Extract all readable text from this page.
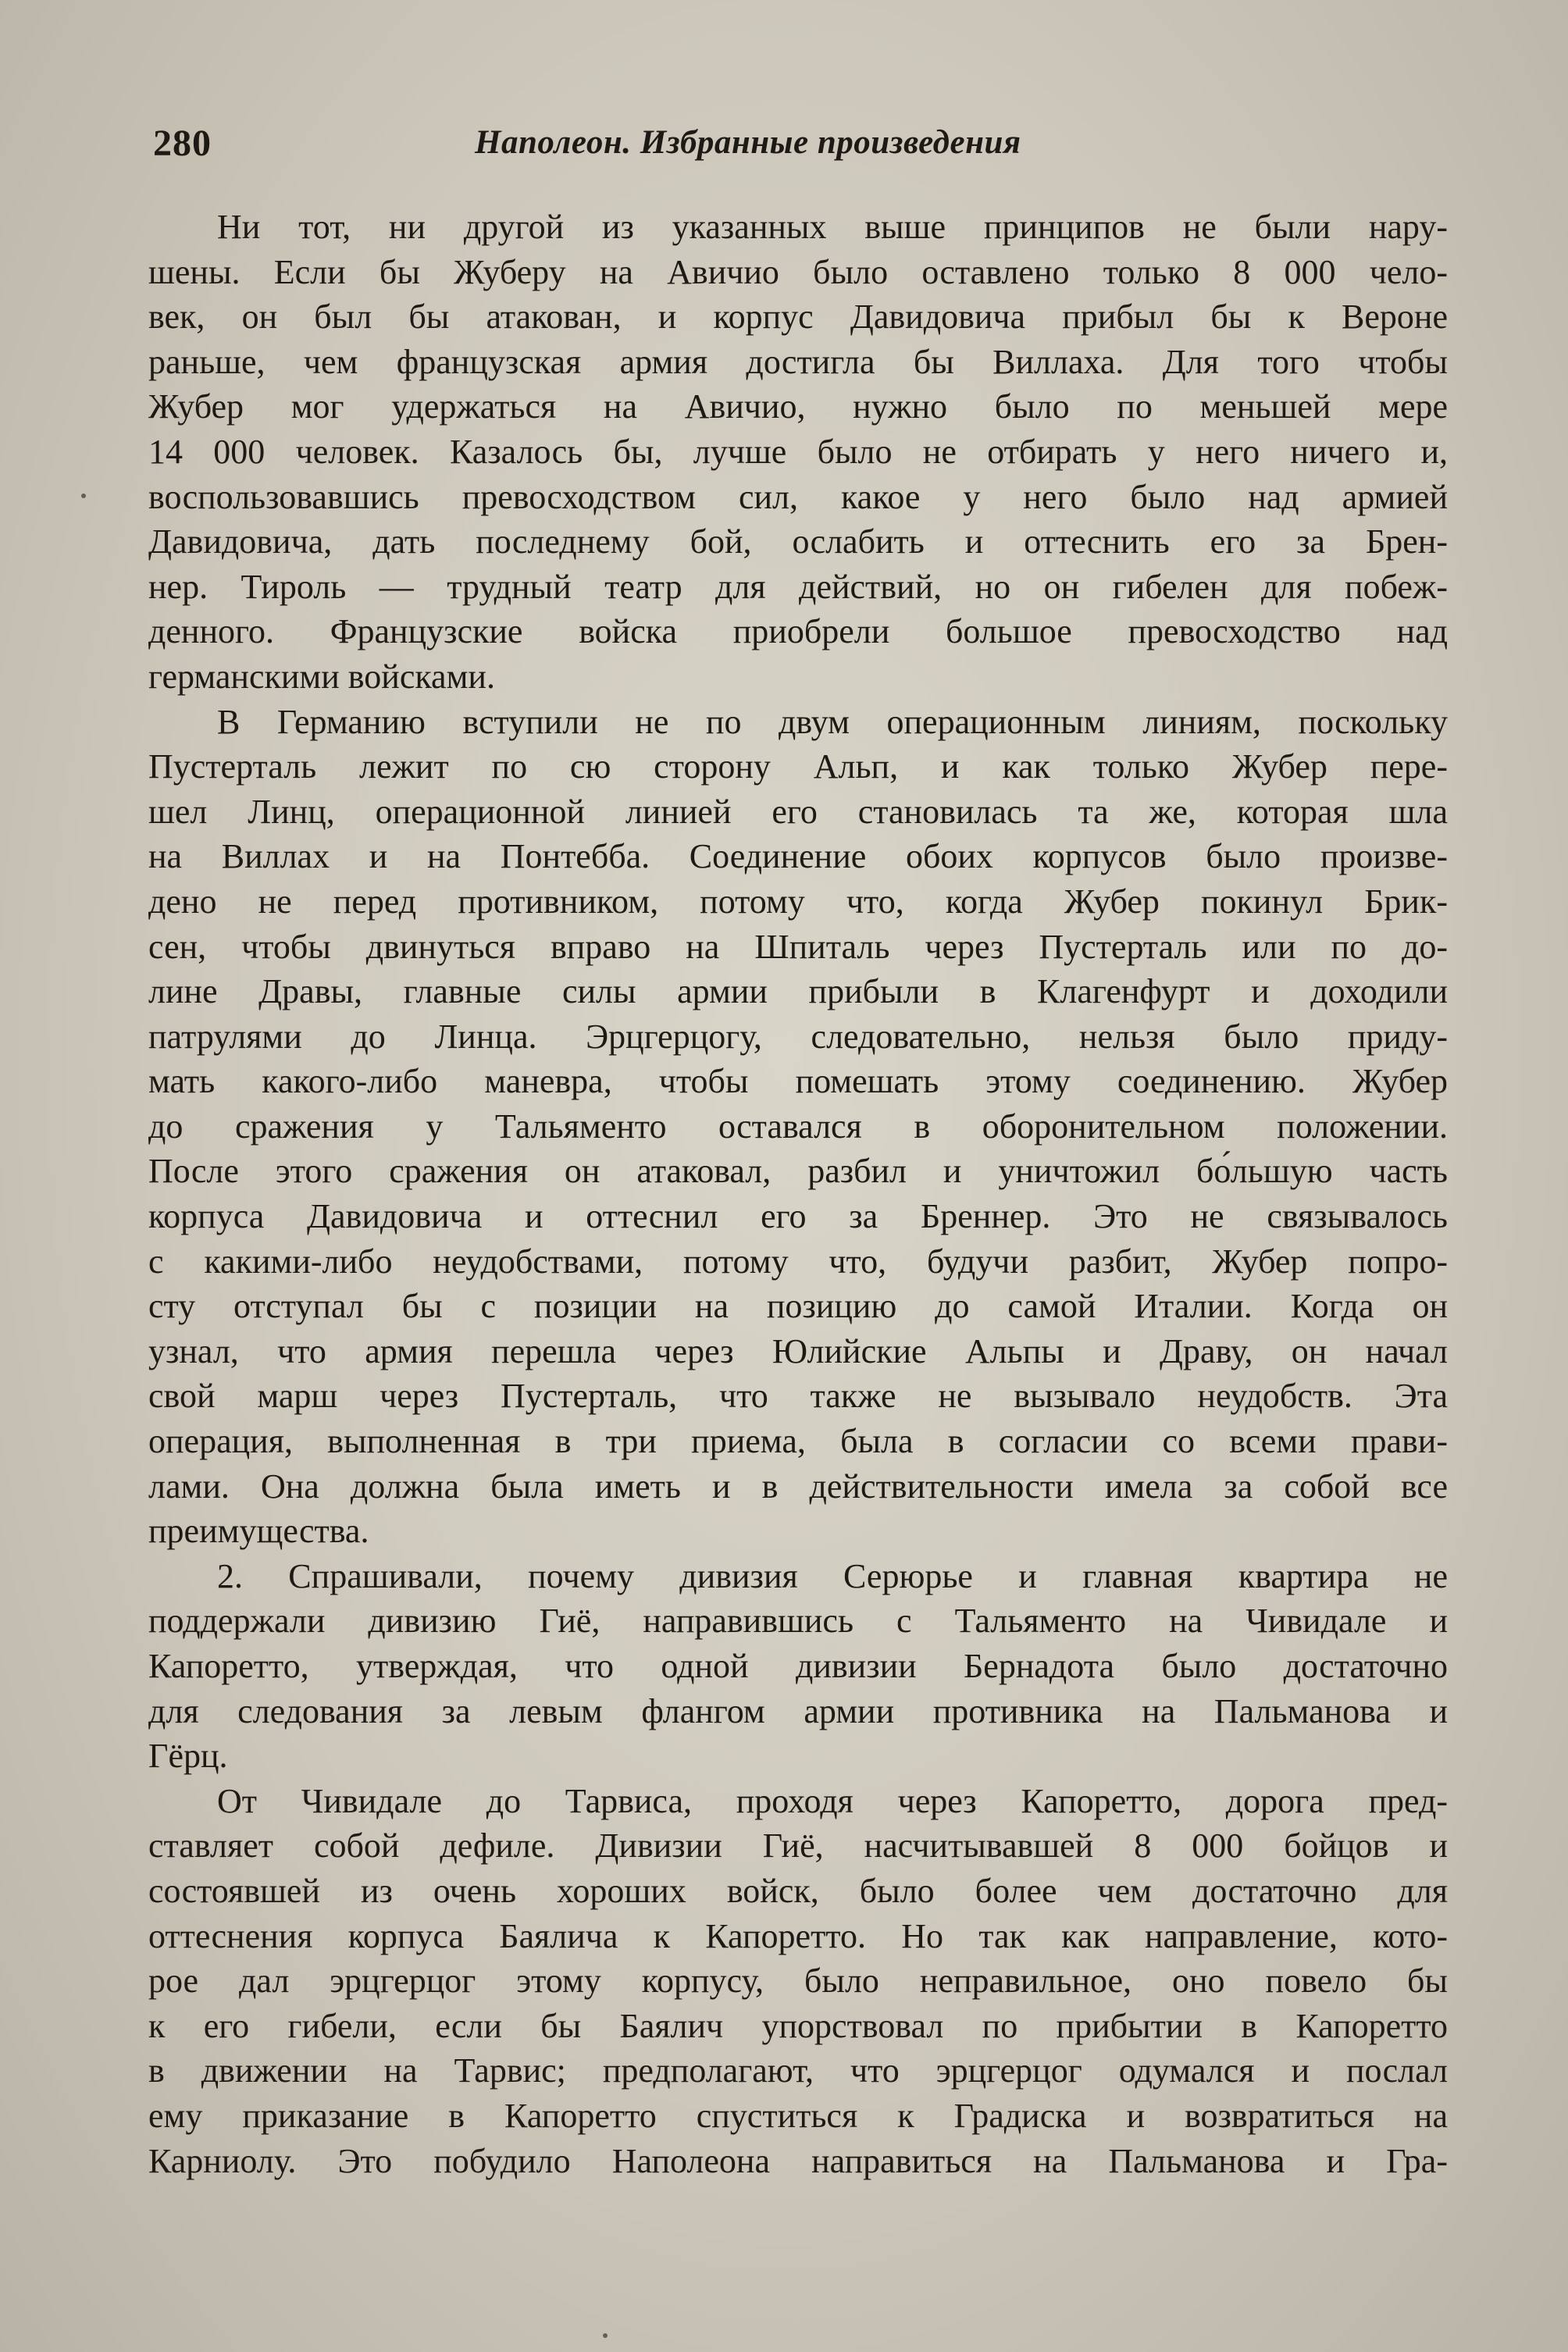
280	Наполеон. Избранные произведения
Ни тот, ни другой из указанных выше принципов не были нару-
шены. Если бы Жуберу на Авичио было оставлено только 8 000 чело-
век, он был бы атакован, и корпус Давидовича прибыл бы к Вероне
раньше, чем французская армия достигла бы Виллаха. Для того чтобы
Жубер мог удержаться на Авичио, нужно было по меньшей мере
14 000 человек. Казалось бы, лучше было не отбирать у него ничего и,
воспользовавшись превосходством сил, какое у него было над армией
Давидовича, дать последнему бой, ослабить и оттеснить его за Брен-
нер. Тироль — трудный театр для действий, но он гибелен для побеж-
денного. Французские войска приобрели большое превосходство над
германскими войсками.
В Германию вступили не по двум операционным линиям, поскольку
Пустерталь лежит по сю сторону Альп, и как только Жубер пере-
шел Линц, операционной линией его становилась та же, которая шла
на Виллах и на Понтебба. Соединение обоих корпусов было произве-
дено не перед противником, потому что, когда Жубер покинул Брик-
сен, чтобы двинуться вправо на Шпиталь через Пустерталь или по до-
лине Дравы, главные силы армии прибыли в Клагенфурт и доходили
патрулями до Линца. Эрцгерцогу, следовательно, нельзя было приду-
мать какого-либо маневра, чтобы помешать этому соединению. Жубер
до сражения у Тальяменто оставался в оборонительном положении.
После этого сражения он атаковал, разбил и уничтожил бо́льшую часть
корпуса Давидовича и оттеснил его за Бреннер. Это не связывалось
с какими-либо неудобствами, потому что, будучи разбит, Жубер попро-
сту отступал бы с позиции на позицию до самой Италии. Когда он
узнал, что армия перешла через Юлийские Альпы и Драву, он начал
свой марш через Пустерталь, что также не вызывало неудобств. Эта
операция, выполненная в три приема, была в согласии со всеми прави-
лами. Она должна была иметь и в действительности имела за собой все
преимущества.
2. Спрашивали, почему дивизия Серюрье и главная квартира не
поддержали дивизию Гиё, направившись с Тальяменто на Чивидале и
Капоретто, утверждая, что одной дивизии Бернадота было достаточно
для следования за левым флангом армии противника на Пальманова и
Гёрц.
От Чивидале до Тарвиса, проходя через Капоретто, дорога пред-
ставляет собой дефиле. Дивизии Гиё, насчитывавшей 8 000 бойцов и
состоявшей из очень хороших войск, было более чем достаточно для
оттеснения корпуса Баялича к Капоретто. Но так как направление, кото-
рое дал эрцгерцог этому корпусу, было неправильное, оно повело бы
к его гибели, если бы Баялич упорствовал по прибытии в Капоретто
в движении на Тарвис; предполагают, что эрцгерцог одумался и послал
ему приказание в Капоретто спуститься к Градиска и возвратиться на
Карниолу. Это побудило Наполеона направиться на Пальманова и Гра-
